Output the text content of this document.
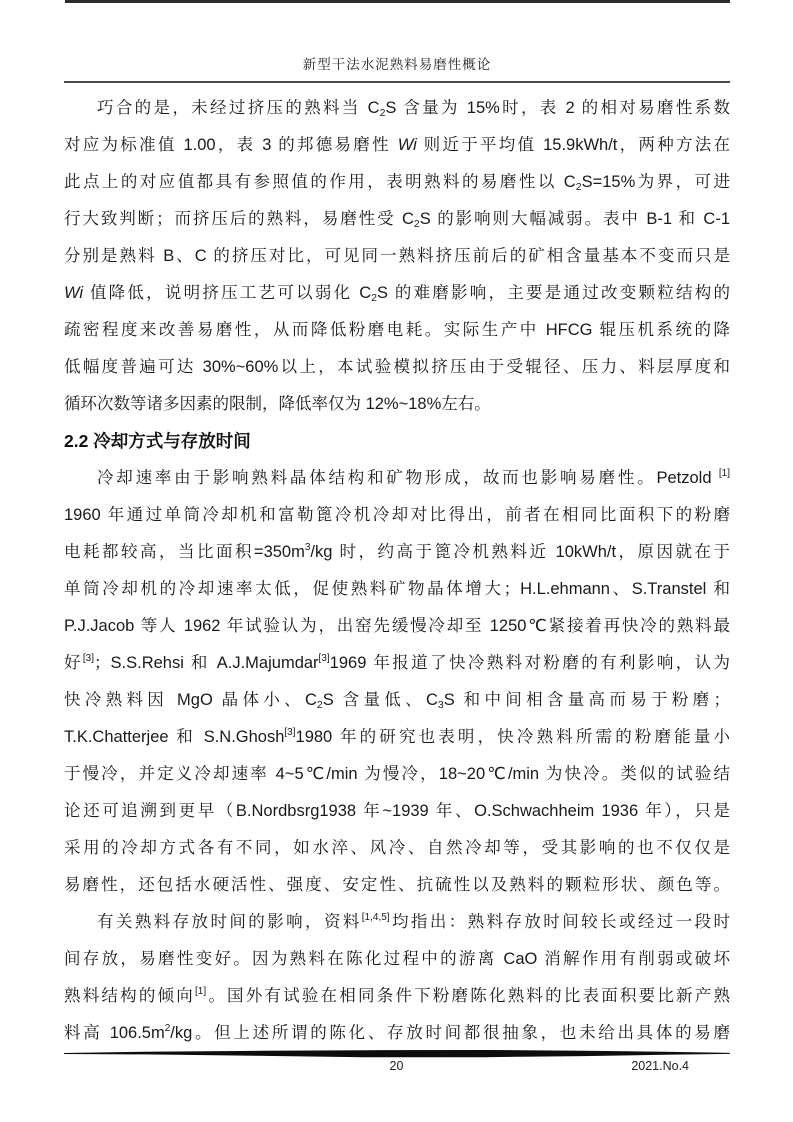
新型干法水泥熟料易磨性概论
巧合的是，未经过挤压的熟料当 $C_2S$ 含量为 15%时，表 2 的相对易磨性系数
对应为标准值 1.00，表 3 的邦德易磨性 Wi 则近于平均值 15.9kWh/t，两种方法在
此点上的对应值都具有参照值的作用，表明熟料的易磨性以 $C_2S=15\%$为界，可进
行大致判断；而挤压后的熟料，易磨性受 $C_2S$ 的影响则大幅减弱。表中 B-1 和 C-1
分别是熟料 B、C 的挤压对比，可见同一熟料挤压前后的矿相含量基本不变而只是
Wi 值降低，说明挤压工艺可以弱化 $C_2S$ 的难磨影响，主要是通过改变颗粒结构的
疏密程度来改善易磨性，从而降低粉磨电耗。实际生产中 HFCG 辊压机系统的降
低幅度普遍可达 30%~60%以上，本试验模拟挤压由于受辊径、压力、料层厚度和
循环次数等诸多因素的限制，降低率仅为 12%~18%左右。
2.2 冷却方式与存放时间
冷却速率由于影响熟料晶体结构和矿物形成，故而也影响易磨性。Petzold [1]
1960 年通过单筒冷却机和富勒篦冷机冷却对比得出，前者在相同比面积下的粉磨
电耗都较高，当比面积$=350m^3/kg$ 时，约高于篦冷机熟料近 10kWh/t，原因就在于
单筒冷却机的冷却速率太低，促使熟料矿物晶体增大；H.L.ehmann、S.Transtel 和
P.J.Jacob 等人 1962 年试验认为，出窑先缓慢冷却至 1250℃紧接着再快冷的熟料最
好[3]；S.S.Rehsi 和 A.J.Majumdar[3]1969 年报道了快冷熟料对粉磨的有利影响，认为
快冷熟料因 MgO 晶体小、$C_2S$ 含量低、$C_3S$ 和中间相含量高而易于粉磨；
T.K.Chatterjee 和 S.N.Ghosh[3]1980 年的研究也表明，快冷熟料所需的粉磨能量小
于慢冷，并定义冷却速率 4~5℃/min 为慢冷，18~20℃/min 为快冷。类似的试验结
论还可追溯到更早（B.Nordbsrg1938 年~1939 年、O.Schwachheim 1936 年），只是
采用的冷却方式各有不同，如水淬、风冷、自然冷却等，受其影响的也不仅仅是
易磨性，还包括水硬活性、强度、安定性、抗硫性以及熟料的颗粒形状、颜色等。
有关熟料存放时间的影响，资料[1,4,5]均指出：熟料存放时间较长或经过一段时
间存放，易磨性变好。因为熟料在陈化过程中的游离 CaO 消解作用有削弱或破坏
熟料结构的倾向[1]。国外有试验在相同条件下粉磨陈化熟料的比表面积要比新产熟
料高 $106.5m^2/kg$。但上述所谓的陈化、存放时间都很抽象，也未给出具体的易磨
20	2021.No.4
